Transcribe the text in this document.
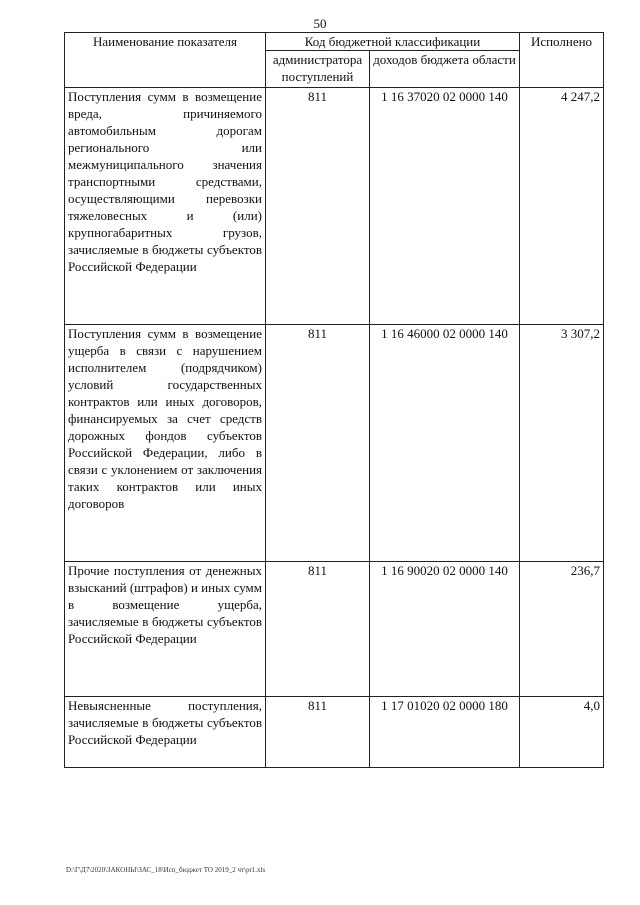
50
Наименование показателя	Код бюджетной классификации		Исполнено
	администратора поступлений	доходов бюджета области	
Поступления сумм в возмещение вреда, причиняемого автомобильным дорогам регионального или межмуниципального значения транспортными средствами, осуществляющими перевозки тяжеловесных и (или) крупногабаритных грузов, зачисляемые в бюджеты субъектов Российской Федерации	811	1 16 37020 02 0000 140	4 247,2
Поступления сумм в возмещение ущерба в связи с нарушением исполнителем (подрядчиком) условий государственных контрактов или иных договоров, финансируемых за счет средств дорожных фондов субъектов Российской Федерации, либо в связи с уклонением от заключения таких контрактов или иных договоров	811	1 16 46000 02 0000 140	3 307,2
Прочие поступления от денежных взысканий (штрафов) и иных сумм в возмещение ущерба, зачисляемые в бюджеты субъектов Российской Федерации	811	1 16 90020 02 0000 140	236,7
Невыясненные поступления, зачисляемые в бюджеты субъектов Российской Федерации	811	1 17 01020 02 0000 180	4,0
D:\Г\Д7\2020\ЗАКОНЫ\ЗАС_18\Исп_бюджет ТО 2019_2 чт\pr1.xls
